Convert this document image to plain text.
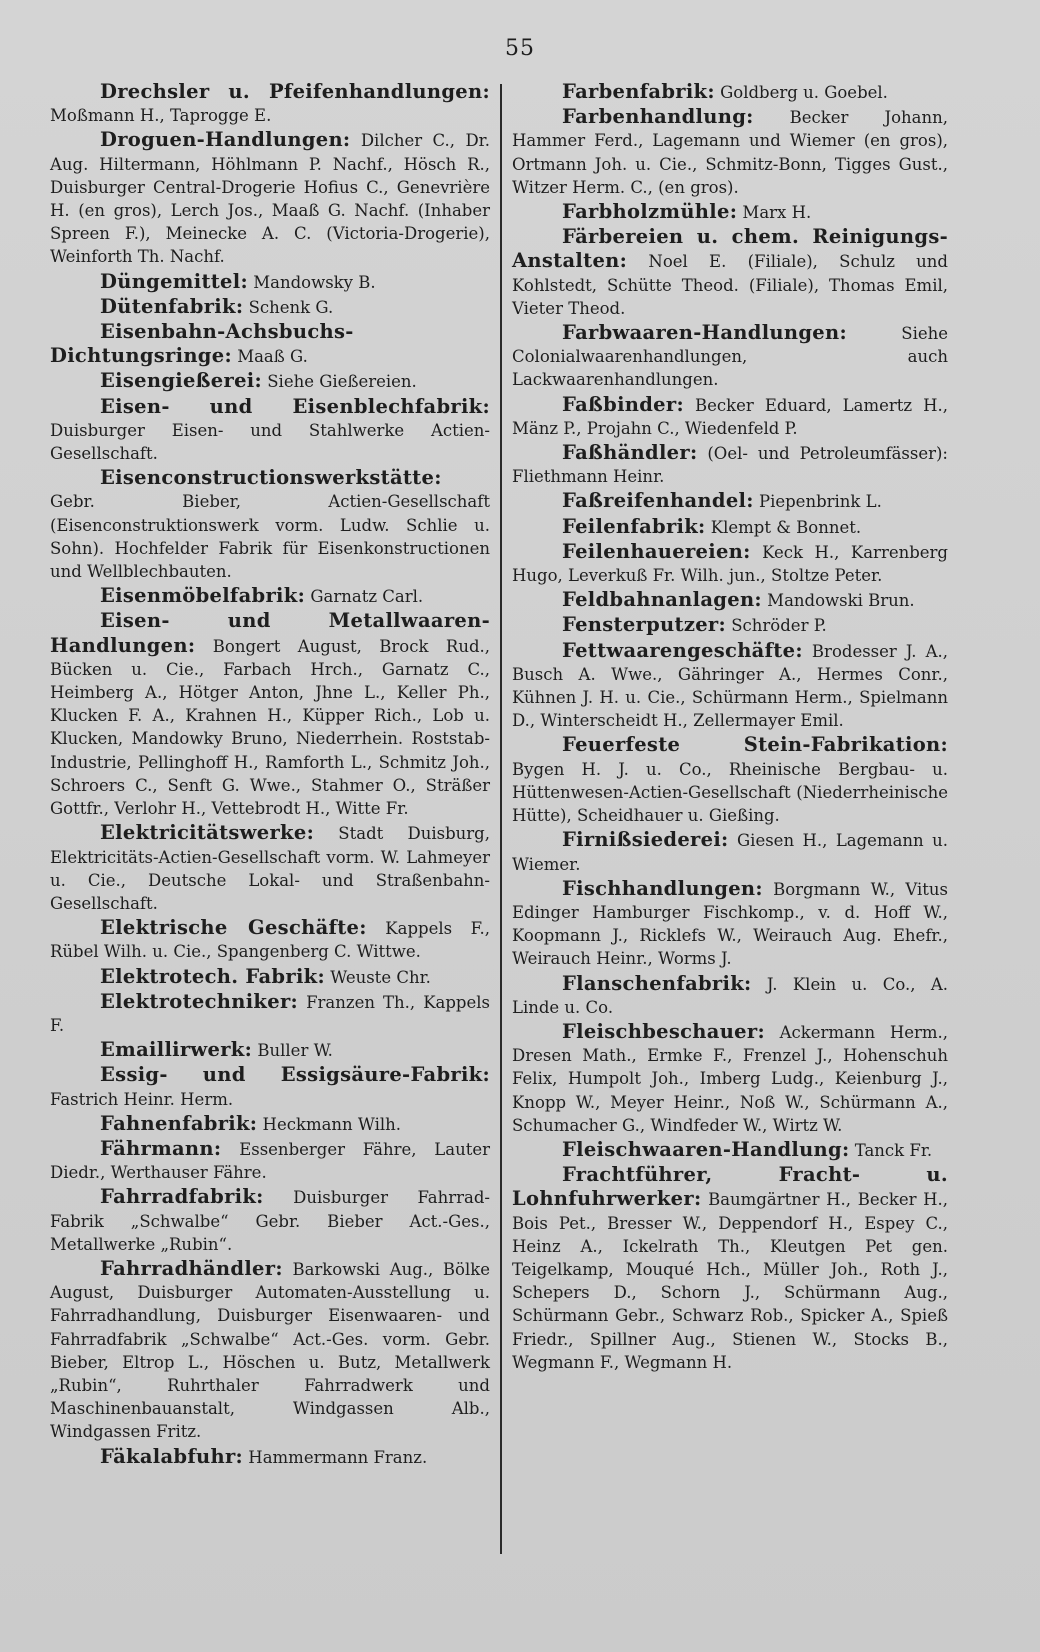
55
Drechsler u. Pfeifenhandlungen: Moßmann H., Taprogge E.
Droguen-Handlungen: Dilcher C., Dr. Aug. Hiltermann, Höhlmann P. Nachf., Hösch R., Duisburger Central-Drogerie Hofius C., Genevrière H. (en gros), Lerch Jos., Maaß G. Nachf. (Inhaber Spreen F.), Meinecke A. C. (Victoria-Drogerie), Weinforth Th. Nachf.
Düngemittel: Mandowsky B.
Dütenfabrik: Schenk G.
Eisenbahn-Achsbuchs-Dichtungsringe: Maaß G.
Eisengießerei: Siehe Gießereien.
Eisen- und Eisenblechfabrik: Duisburger Eisen- und Stahlwerke Actien-Gesellschaft.
Eisenconstructionswerkstätte: Gebr. Bieber, Actien-Gesellschaft (Eisenconstruktionswerk vorm. Ludw. Schlie u. Sohn). Hochfelder Fabrik für Eisenkonstructionen und Wellblechbauten.
Eisenmöbelfabrik: Garnatz Carl.
Eisen- und Metallwaaren-Handlungen: Bongert August, Brock Rud., Bücken u. Cie., Farbach Hrch., Garnatz C., Heimberg A., Hötger Anton, Jhne L., Keller Ph., Klucken F. A., Krahnen H., Küpper Rich., Lob u. Klucken, Mandowky Bruno, Niederrhein. Roststab-Industrie, Pellinghoff H., Ramforth L., Schmitz Joh., Schroers C., Senft G. Wwe., Stahmer O., Sträßer Gottfr., Verlohr H., Vettebrodt H., Witte Fr.
Elektricitätswerke: Stadt Duisburg, Elektricitäts-Actien-Gesellschaft vorm. W. Lahmeyer u. Cie., Deutsche Lokal- und Straßenbahn-Gesellschaft.
Elektrische Geschäfte: Kappels F., Rübel Wilh. u. Cie., Spangenberg C. Wittwe.
Elektrotech. Fabrik: Weuste Chr.
Elektrotechniker: Franzen Th., Kappels F.
Emaillirwerk: Buller W.
Essig- und Essigsäure-Fabrik: Fastrich Heinr. Herm.
Fahnenfabrik: Heckmann Wilh.
Fährmann: Essenberger Fähre, Lauter Diedr., Werthauser Fähre.
Fahrradfabrik: Duisburger Fahrrad-Fabrik „Schwalbe“ Gebr. Bieber Act.-Ges., Metallwerke „Rubin“.
Fahrradhändler: Barkowski Aug., Bölke August, Duisburger Automaten-Ausstellung u. Fahrradhandlung, Duisburger Eisenwaaren- und Fahrradfabrik „Schwalbe“ Act.-Ges. vorm. Gebr. Bieber, Eltrop L., Höschen u. Butz, Metallwerk „Rubin“, Ruhrthaler Fahrradwerk und Maschinenbauanstalt, Windgassen Alb., Windgassen Fritz.
Fäkalabfuhr: Hammermann Franz.
Farbenfabrik: Goldberg u. Goebel.
Farbenhandlung: Becker Johann, Hammer Ferd., Lagemann und Wiemer (en gros), Ortmann Joh. u. Cie., Schmitz-Bonn, Tigges Gust., Witzer Herm. C., (en gros).
Farbholzmühle: Marx H.
Färbereien u. chem. Reinigungs-Anstalten: Noel E. (Filiale), Schulz und Kohlstedt, Schütte Theod. (Filiale), Thomas Emil, Vieter Theod.
Farbwaaren-Handlungen: Siehe Colonialwaarenhandlungen, auch Lackwaarenhandlungen.
Faßbinder: Becker Eduard, Lamertz H., Mänz P., Projahn C., Wiedenfeld P.
Faßhändler: (Oel- und Petroleumfässer): Fliethmann Heinr.
Faßreifenhandel: Piepenbrink L.
Feilenfabrik: Klempt & Bonnet.
Feilenhauereien: Keck H., Karrenberg Hugo, Leverkuß Fr. Wilh. jun., Stoltze Peter.
Feldbahnanlagen: Mandowski Brun.
Fensterputzer: Schröder P.
Fettwaarengeschäfte: Brodesser J. A., Busch A. Wwe., Gähringer A., Hermes Conr., Kühnen J. H. u. Cie., Schürmann Herm., Spielmann D., Winterscheidt H., Zellermayer Emil.
Feuerfeste Stein-Fabrikation: Bygen H. J. u. Co., Rheinische Bergbau- u. Hüttenwesen-Actien-Gesellschaft (Niederrheinische Hütte), Scheidhauer u. Gießing.
Firnißsiederei: Giesen H., Lagemann u. Wiemer.
Fischhandlungen: Borgmann W., Vitus Edinger Hamburger Fischkomp., v. d. Hoff W., Koopmann J., Ricklefs W., Weirauch Aug. Ehefr., Weirauch Heinr., Worms J.
Flanschenfabrik: J. Klein u. Co., A. Linde u. Co.
Fleischbeschauer: Ackermann Herm., Dresen Math., Ermke F., Frenzel J., Hohenschuh Felix, Humpolt Joh., Imberg Ludg., Keienburg J., Knopp W., Meyer Heinr., Noß W., Schürmann A., Schumacher G., Windfeder W., Wirtz W.
Fleischwaaren-Handlung: Tanck Fr.
Frachtführer, Fracht- u. Lohnfuhrwerker: Baumgärtner H., Becker H., Bois Pet., Bresser W., Deppendorf H., Espey C., Heinz A., Ickelrath Th., Kleutgen Pet gen. Teigelkamp, Mouqué Hch., Müller Joh., Roth J., Schepers D., Schorn J., Schürmann Aug., Schürmann Gebr., Schwarz Rob., Spicker A., Spieß Friedr., Spillner Aug., Stienen W., Stocks B., Wegmann F., Wegmann H.
